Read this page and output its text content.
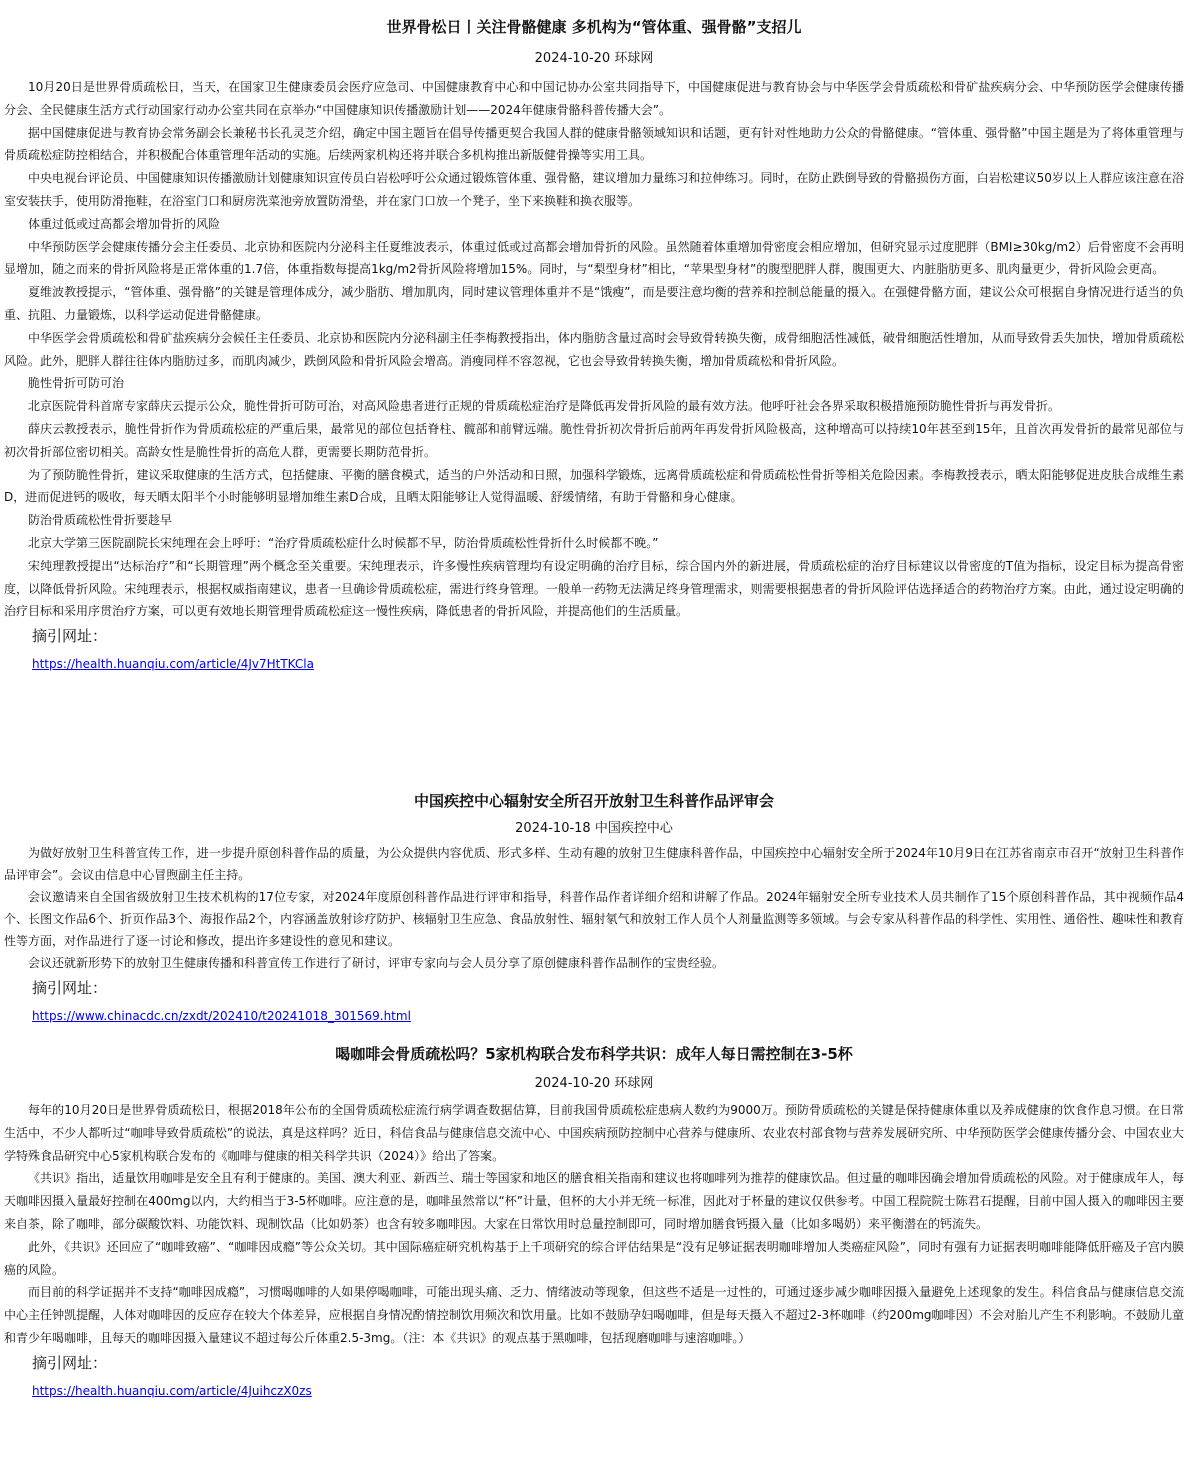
世界骨松日丨关注骨骼健康 多机构为“管体重、强骨骼”支招儿
2024-10-20 环球网

10月20日是世界骨质疏松日，当天，在国家卫生健康委员会医疗应急司、中国健康教育中心和中国记协办公室共同指导下，中国健康促进与教育协会与中华医学会骨质疏松和骨矿盐疾病分会、中华预防医学会健康传播分会、全民健康生活方式行动国家行动办公室共同在京举办“中国健康知识传播激励计划——2024年健康骨骼科普传播大会”。

据中国健康促进与教育协会常务副会长兼秘书长孔灵芝介绍，确定中国主题旨在倡导传播更契合我国人群的健康骨骼领域知识和话题，更有针对性地助力公众的骨骼健康。“管体重、强骨骼”中国主题是为了将体重管理与骨质疏松症防控相结合，并积极配合体重管理年活动的实施。后续两家机构还将并联合多机构推出新版健骨操等实用工具。

中央电视台评论员、中国健康知识传播激励计划健康知识宣传员白岩松呼吁公众通过锻炼管体重、强骨骼，建议增加力量练习和拉伸练习。同时，在防止跌倒导致的骨骼损伤方面，白岩松建议50岁以上人群应该注意在浴室安装扶手，使用防滑拖鞋，在浴室门口和厨房洗菜池旁放置防滑垫，并在家门口放一个凳子，坐下来换鞋和换衣服等。

体重过低或过高都会增加骨折的风险

中华预防医学会健康传播分会主任委员、北京协和医院内分泌科主任夏维波表示，体重过低或过高都会增加骨折的风险。虽然随着体重增加骨密度会相应增加，但研究显示过度肥胖（BMI≥30kg/m2）后骨密度不会再明显增加，随之而来的骨折风险将是正常体重的1.7倍，体重指数每提高1kg/m2骨折风险将增加15%。同时，与“梨型身材”相比，“苹果型身材”的腹型肥胖人群，腹围更大、内脏脂肪更多、肌肉量更少，骨折风险会更高。

夏维波教授提示，“管体重、强骨骼”的关键是管理体成分，减少脂肪、增加肌肉，同时建议管理体重并不是“饿瘦”，而是要注意均衡的营养和控制总能量的摄入。在强健骨骼方面，建议公众可根据自身情况进行适当的负重、抗阻、力量锻炼，以科学运动促进骨骼健康。

中华医学会骨质疏松和骨矿盐疾病分会候任主任委员、北京协和医院内分泌科副主任李梅教授指出，体内脂肪含量过高时会导致骨转换失衡，成骨细胞活性减低，破骨细胞活性增加，从而导致骨丢失加快，增加骨质疏松风险。此外，肥胖人群往往体内脂肪过多，而肌肉减少，跌倒风险和骨折风险会增高。消瘦同样不容忽视，它也会导致骨转换失衡，增加骨质疏松和骨折风险。

脆性骨折可防可治

北京医院骨科首席专家薛庆云提示公众，脆性骨折可防可治，对高风险患者进行正规的骨质疏松症治疗是降低再发骨折风险的最有效方法。他呼吁社会各界采取积极措施预防脆性骨折与再发骨折。

薛庆云教授表示，脆性骨折作为骨质疏松症的严重后果，最常见的部位包括脊柱、髋部和前臂远端。脆性骨折初次骨折后前两年再发骨折风险极高，这种增高可以持续10年甚至到15年，且首次再发骨折的最常见部位与初次骨折部位密切相关。高龄女性是脆性骨折的高危人群，更需要长期防范骨折。

为了预防脆性骨折，建议采取健康的生活方式，包括健康、平衡的膳食模式，适当的户外活动和日照，加强科学锻炼，远离骨质疏松症和骨质疏松性骨折等相关危险因素。李梅教授表示，晒太阳能够促进皮肤合成维生素D，进而促进钙的吸收，每天晒太阳半个小时能够明显增加维生素D合成，且晒太阳能够让人觉得温暖、舒缓情绪，有助于骨骼和身心健康。

防治骨质疏松性骨折要趁早

北京大学第三医院副院长宋纯理在会上呼吁：“治疗骨质疏松症什么时候都不早，防治骨质疏松性骨折什么时候都不晚。”

宋纯理教授提出“达标治疗”和“长期管理”两个概念至关重要。宋纯理表示，许多慢性疾病管理均有设定明确的治疗目标，综合国内外的新进展，骨质疏松症的治疗目标建议以骨密度的T值为指标，设定目标为提高骨密度，以降低骨折风险。宋纯理表示，根据权威指南建议，患者一旦确诊骨质疏松症，需进行终身管理。一般单一药物无法满足终身管理需求，则需要根据患者的骨折风险评估选择适合的药物治疗方案。由此，通过设定明确的治疗目标和采用序贯治疗方案，可以更有效地长期管理骨质疏松症这一慢性疾病，降低患者的骨折风险，并提高他们的生活质量。

摘引网址：

https://health.huanqiu.com/article/4Jv7HtTKCla
中国疾控中心辐射安全所召开放射卫生科普作品评审会
2024-10-18 中国疾控中心

为做好放射卫生科普宣传工作，进一步提升原创科普作品的质量，为公众提供内容优质、形式多样、生动有趣的放射卫生健康科普作品，中国疾控中心辐射安全所于2024年10月9日在江苏省南京市召开“放射卫生科普作品评审会”。会议由信息中心冒煦副主任主持。

会议邀请来自全国省级放射卫生技术机构的17位专家，对2024年度原创科普作品进行评审和指导，科普作品作者详细介绍和讲解了作品。2024年辐射安全所专业技术人员共制作了15个原创科普作品，其中视频作品4个、长图文作品6个、折页作品3个、海报作品2个，内容涵盖放射诊疗防护、核辐射卫生应急、食品放射性、辐射氡气和放射工作人员个人剂量监测等多领域。与会专家从科普作品的科学性、实用性、通俗性、趣味性和教育性等方面，对作品进行了逐一讨论和修改，提出许多建设性的意见和建议。

会议还就新形势下的放射卫生健康传播和科普宣传工作进行了研讨，评审专家向与会人员分享了原创健康科普作品制作的宝贵经验。

摘引网址：

https://www.chinacdc.cn/zxdt/202410/t20241018_301569.html
喝咖啡会骨质疏松吗？5家机构联合发布科学共识：成年人每日需控制在3-5杯
2024-10-20 环球网

每年的10月20日是世界骨质疏松日，根据2018年公布的全国骨质疏松症流行病学调查数据估算，目前我国骨质疏松症患病人数约为9000万。预防骨质疏松的关键是保持健康体重以及养成健康的饮食作息习惯。在日常生活中，不少人都听过“咖啡导致骨质疏松”的说法，真是这样吗？近日，科信食品与健康信息交流中心、中国疾病预防控制中心营养与健康所、农业农村部食物与营养发展研究所、中华预防医学会健康传播分会、中国农业大学特殊食品研究中心5家机构联合发布的《咖啡与健康的相关科学共识（2024）》给出了答案。

《共识》指出，适量饮用咖啡是安全且有利于健康的。美国、澳大利亚、新西兰、瑞士等国家和地区的膳食相关指南和建议也将咖啡列为推荐的健康饮品。但过量的咖啡因确会增加骨质疏松的风险。对于健康成年人，每天咖啡因摄入量最好控制在400mg以内，大约相当于3-5杯咖啡。应注意的是，咖啡虽然常以“杯”计量，但杯的大小并无统一标准，因此对于杯量的建议仅供参考。中国工程院院士陈君石提醒，目前中国人摄入的咖啡因主要来自茶，除了咖啡，部分碳酸饮料、功能饮料、现制饮品（比如奶茶）也含有较多咖啡因。大家在日常饮用时总量控制即可，同时增加膳食钙摄入量（比如多喝奶）来平衡潜在的钙流失。

此外，《共识》还回应了“咖啡致癌”、“咖啡因成瘾”等公众关切。其中国际癌症研究机构基于上千项研究的综合评估结果是“没有足够证据表明咖啡增加人类癌症风险”，同时有强有力证据表明咖啡能降低肝癌及子宫内膜癌的风险。

而目前的科学证据并不支持“咖啡因成瘾”，习惯喝咖啡的人如果停喝咖啡，可能出现头痛、乏力、情绪波动等现象，但这些不适是一过性的，可通过逐步减少咖啡因摄入量避免上述现象的发生。科信食品与健康信息交流中心主任钟凯提醒，人体对咖啡因的反应存在较大个体差异，应根据自身情况酌情控制饮用频次和饮用量。比如不鼓励孕妇喝咖啡，但是每天摄入不超过2-3杯咖啡（约200mg咖啡因）不会对胎儿产生不利影响。不鼓励儿童和青少年喝咖啡，且每天的咖啡因摄入量建议不超过每公斤体重2.5-3mg。（注：本《共识》的观点基于黑咖啡，包括现磨咖啡与速溶咖啡。）

摘引网址：

https://health.huanqiu.com/article/4JuihczX0zs
